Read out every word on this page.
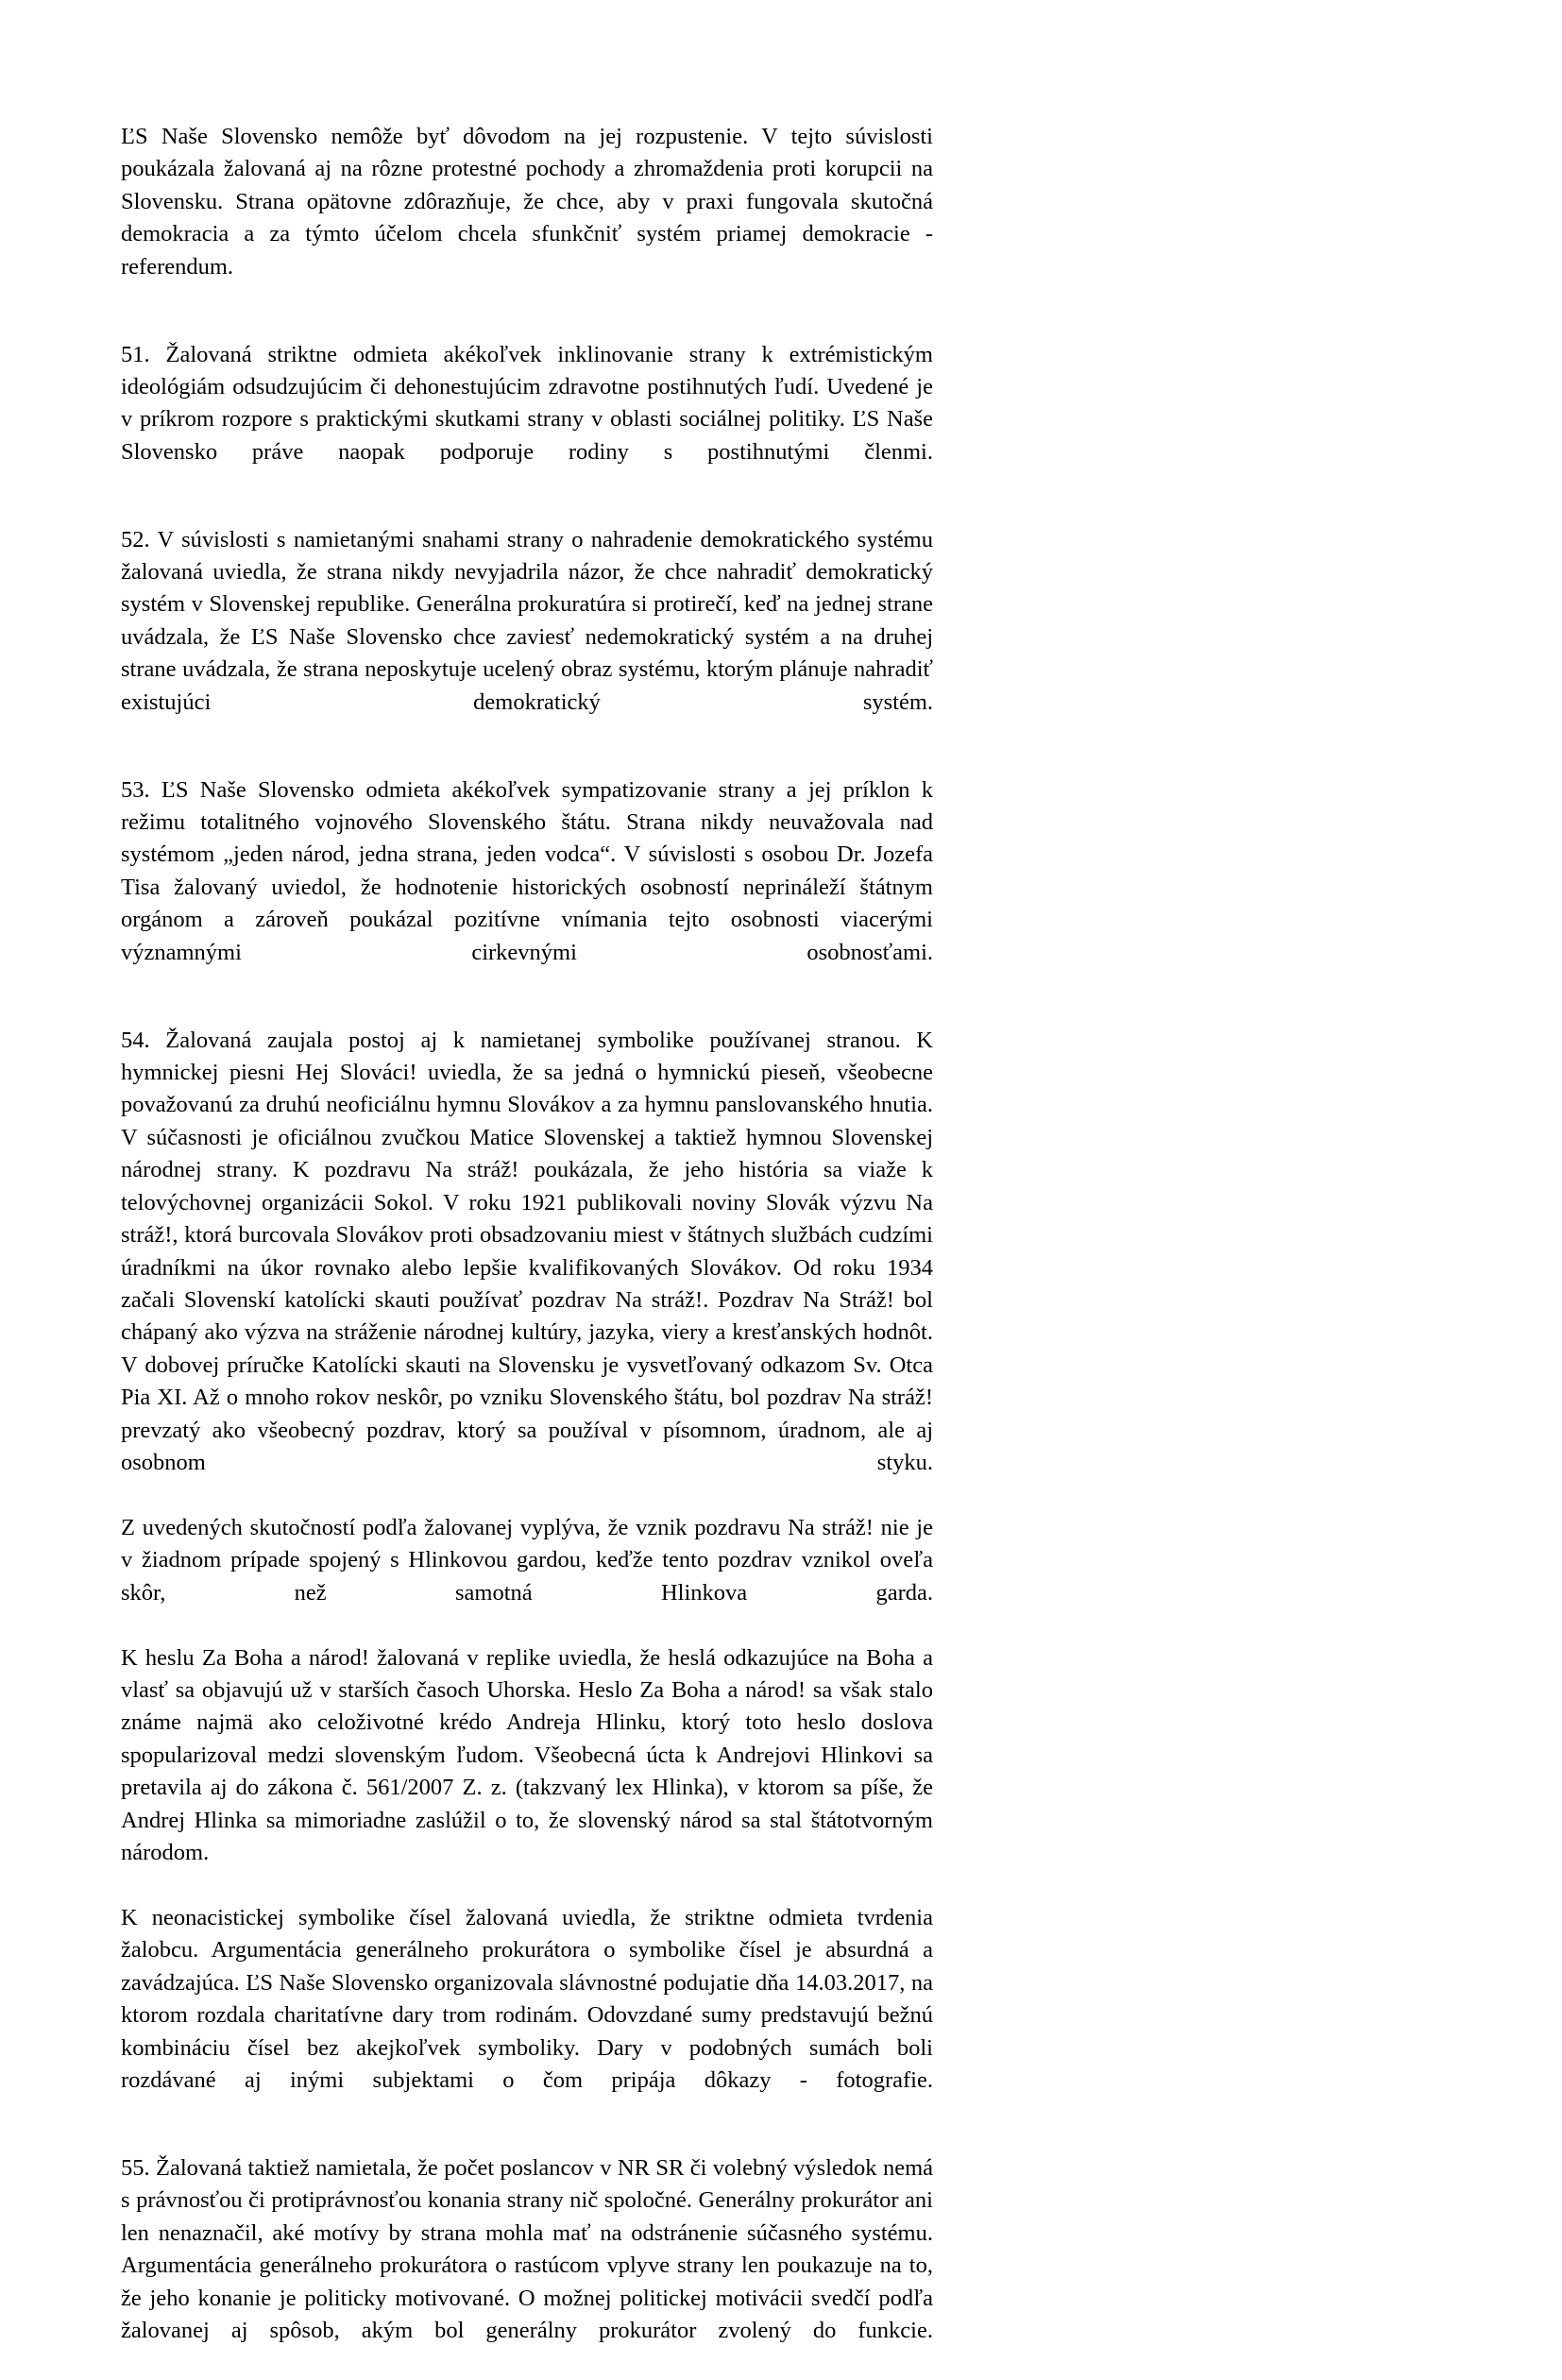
ĽS Naše Slovensko nemôže byť dôvodom na jej rozpustenie. V tejto súvislosti poukázala žalovaná aj na rôzne protestné pochody a zhromaždenia proti korupcii na Slovensku. Strana opätovne zdôrazňuje, že chce, aby v praxi fungovala skutočná demokracia a za týmto účelom chcela sfunkčniť systém priamej demokracie - referendum.

51. Žalovaná striktne odmieta akékoľvek inklinovanie strany k extrémistickým ideológiám odsudzujúcim či dehonestujúcim zdravotne postihnutých ľudí. Uvedené je v príkrom rozpore s praktickými skutkami strany v oblasti sociálnej politiky. ĽS Naše Slovensko práve naopak podporuje rodiny s postihnutými členmi.

52. V súvislosti s namietanými snahami strany o nahradenie demokratického systému žalovaná uviedla, že strana nikdy nevyjadrila názor, že chce nahradiť demokratický systém v Slovenskej republike. Generálna prokuratúra si protirečí, keď na jednej strane uvádzala, že ĽS Naše Slovensko chce zaviesť nedemokratický systém a na druhej strane uvádzala, že strana neposkytuje ucelený obraz systému, ktorým plánuje nahradiť existujúci demokratický systém.

53. ĽS Naše Slovensko odmieta akékoľvek sympatizovanie strany a jej príklon k režimu totalitného vojnového Slovenského štátu. Strana nikdy neuvažovala nad systémom „jeden národ, jedna strana, jeden vodca“. V súvislosti s osobou Dr. Jozefa Tisa žalovaný uviedol, že hodnotenie historických osobností neprináleží štátnym orgánom a zároveň poukázal pozitívne vnímania tejto osobnosti viacerými významnými cirkevnými osobnosťami.

54. Žalovaná zaujala postoj aj k namietanej symbolike používanej stranou. K hymnickej piesni Hej Slováci! uviedla, že sa jedná o hymnickú pieseň, všeobecne považovanú za druhú neoficiálnu hymnu Slovákov a za hymnu panslovanského hnutia. V súčasnosti je oficiálnou zvučkou Matice Slovenskej a taktiež hymnou Slovenskej národnej strany. K pozdravu Na stráž! poukázala, že jeho história sa viaže k telovýchovnej organizácii Sokol. V roku 1921 publikovali noviny Slovák výzvu Na stráž!, ktorá burcovala Slovákov proti obsadzovaniu miest v štátnych službách cudzími úradníkmi na úkor rovnako alebo lepšie kvalifikovaných Slovákov. Od roku 1934 začali Slovenskí katolícki skauti používať pozdrav Na stráž!. Pozdrav Na Stráž! bol chápaný ako výzva na stráženie národnej kultúry, jazyka, viery a kresťanských hodnôt. V dobovej príručke Katolícki skauti na Slovensku je vysvetľovaný odkazom Sv. Otca Pia XI. Až o mnoho rokov neskôr, po vzniku Slovenského štátu, bol pozdrav Na stráž! prevzatý ako všeobecný pozdrav, ktorý sa používal v písomnom, úradnom, ale aj osobnom styku.

Z uvedených skutočností podľa žalovanej vyplýva, že vznik pozdravu Na stráž! nie je v žiadnom prípade spojený s Hlinkovou gardou, keďže tento pozdrav vznikol oveľa skôr, než samotná Hlinkova garda.

K heslu Za Boha a národ! žalovaná v replike uviedla, že heslá odkazujúce na Boha a vlasť sa objavujú už v starších časoch Uhorska. Heslo Za Boha a národ! sa však stalo známe najmä ako celoživotné krédo Andreja Hlinku, ktorý toto heslo doslova spopularizoval medzi slovenským ľudom. Všeobecná úcta k Andrejovi Hlinkovi sa pretavila aj do zákona č. 561/2007 Z. z. (takzvaný lex Hlinka), v ktorom sa píše, že Andrej Hlinka sa mimoriadne zaslúžil o to, že slovenský národ sa stal štátotvorným národom.

K neonacistickej symbolike čísel žalovaná uviedla, že striktne odmieta tvrdenia žalobcu. Argumentácia generálneho prokurátora o symbolike čísel je absurdná a zavádzajúca. ĽS Naše Slovensko organizovala slávnostné podujatie dňa 14.03.2017, na ktorom rozdala charitatívne dary trom rodinám. Odovzdané sumy predstavujú bežnú kombináciu čísel bez akejkoľvek symboliky. Dary v podobných sumách boli rozdávané aj inými subjektami o čom pripája dôkazy - fotografie.

55. Žalovaná taktiež namietala, že počet poslancov v NR SR či volebný výsledok nemá s právnosťou či protiprávnosťou konania strany nič spoločné. Generálny prokurátor ani len nenaznačil, aké motívy by strana mohla mať na odstránenie súčasného systému. Argumentácia generálneho prokurátora o rastúcom vplyve strany len poukazuje na to, že jeho konanie je politicky motivované. O možnej politickej motivácii svedčí podľa žalovanej aj spôsob, akým bol generálny prokurátor zvolený do funkcie.
